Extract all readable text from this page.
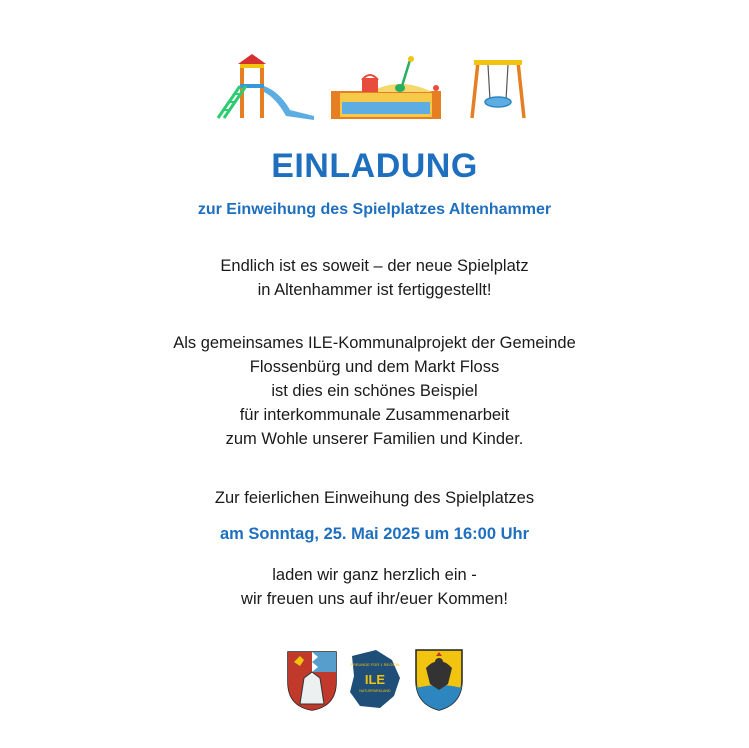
EINLADUNG
zur Einweihung des Spielplatzes Altenhammer
Endlich ist es soweit – der neue Spielplatz
in Altenhammer ist fertiggestellt!
Als gemeinsames ILE-Kommunalprojekt der Gemeinde
Flossenbürg und dem Markt Floss
ist dies ein schönes Beispiel
für interkommunale Zusammenarbeit
zum Wohle unserer Familien und Kinder.
Zur feierlichen Einweihung des Spielplatzes
am Sonntag, 25. Mai 2025 um 16:00 Uhr
laden wir ganz herzlich ein -
wir freuen uns auf ihr/euer Kommen!
FREUNDE FÜR 1 REGION
ILE
NATURPARKLAND
